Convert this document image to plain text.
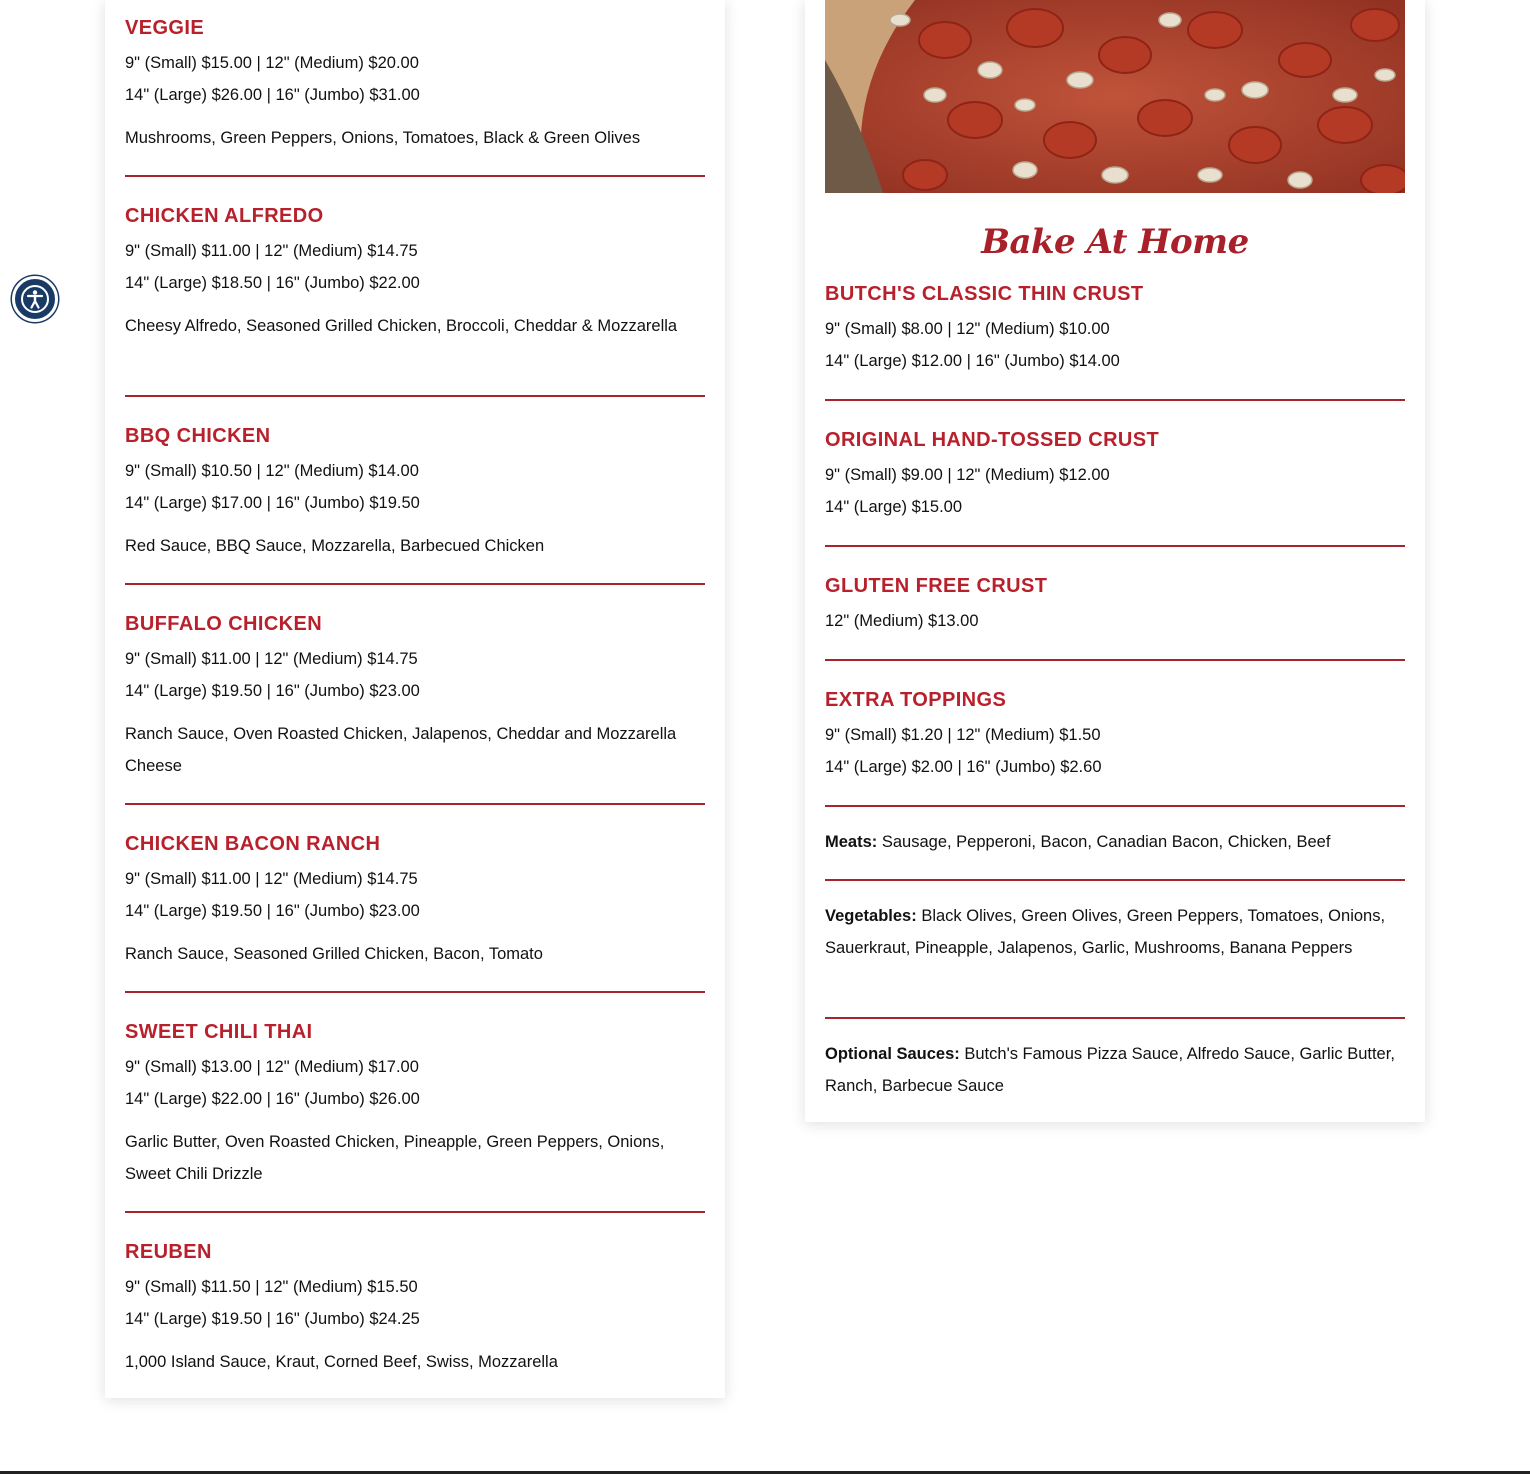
VEGGIE
9" (Small) $15.00 | 12" (Medium) $20.00
14" (Large) $26.00 | 16" (Jumbo) $31.00
Mushrooms, Green Peppers, Onions, Tomatoes, Black & Green Olives
CHICKEN ALFREDO
9" (Small) $11.00 | 12" (Medium) $14.75
14" (Large) $18.50 | 16" (Jumbo) $22.00
Cheesy Alfredo, Seasoned Grilled Chicken, Broccoli, Cheddar & Mozzarella
BBQ CHICKEN
9" (Small) $10.50 | 12" (Medium) $14.00
14" (Large) $17.00 | 16" (Jumbo) $19.50
Red Sauce, BBQ Sauce, Mozzarella, Barbecued Chicken
BUFFALO CHICKEN
9" (Small) $11.00 | 12" (Medium) $14.75
14" (Large) $19.50 | 16" (Jumbo) $23.00
Ranch Sauce, Oven Roasted Chicken, Jalapenos, Cheddar and Mozzarella Cheese
CHICKEN BACON RANCH
9" (Small) $11.00 | 12" (Medium) $14.75
14" (Large) $19.50 | 16" (Jumbo) $23.00
Ranch Sauce, Seasoned Grilled Chicken, Bacon, Tomato
SWEET CHILI THAI
9" (Small) $13.00 | 12" (Medium) $17.00
14" (Large) $22.00 | 16" (Jumbo) $26.00
Garlic Butter, Oven Roasted Chicken, Pineapple, Green Peppers, Onions, Sweet Chili Drizzle
REUBEN
9" (Small) $11.50 | 12" (Medium) $15.50
14" (Large) $19.50 | 16" (Jumbo) $24.25
1,000 Island Sauce, Kraut, Corned Beef, Swiss, Mozzarella
Bake At Home
BUTCH'S CLASSIC THIN CRUST
9" (Small) $8.00 | 12" (Medium) $10.00
14" (Large) $12.00 | 16" (Jumbo) $14.00
ORIGINAL HAND-TOSSED CRUST
9" (Small) $9.00 | 12" (Medium) $12.00
14" (Large) $15.00
GLUTEN FREE CRUST
12" (Medium) $13.00
EXTRA TOPPINGS
9" (Small) $1.20 | 12" (Medium) $1.50
14" (Large) $2.00 | 16" (Jumbo) $2.60
Meats: Sausage, Pepperoni, Bacon, Canadian Bacon, Chicken, Beef
Vegetables: Black Olives, Green Olives, Green Peppers, Tomatoes, Onions, Sauerkraut, Pineapple, Jalapenos, Garlic, Mushrooms, Banana Peppers
Optional Sauces: Butch's Famous Pizza Sauce, Alfredo Sauce, Garlic Butter, Ranch, Barbecue Sauce
